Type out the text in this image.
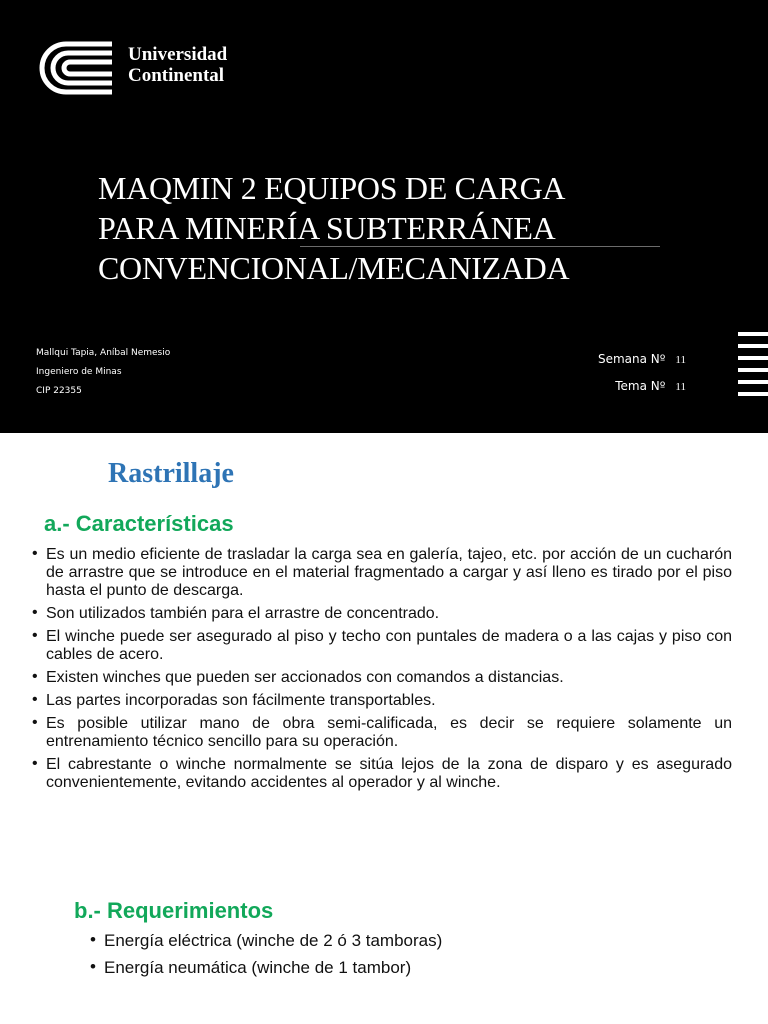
Universidad
Continental
MAQMIN 2 EQUIPOS DE CARGA
PARA MINERÍA SUBTERRÁNEA
CONVENCIONAL/MECANIZADA
Mallqui Tapia, Aníbal Nemesio
Ingeniero de Minas
CIP 22355
Semana Nº 11
Tema Nº 11
Rastrillaje
a.- Características
• Es un medio eficiente de trasladar la carga sea en galería, tajeo, etc. por acción de un cucharón de arrastre que se introduce en el material fragmentado a cargar y así lleno es tirado por el piso hasta el punto de descarga.
• Son utilizados también para el arrastre de concentrado.
• El winche puede ser asegurado al piso y techo con puntales de madera o a las cajas y piso con cables de acero.
• Existen winches que pueden ser accionados con comandos a distancias.
• Las partes incorporadas son fácilmente transportables.
• Es posible utilizar mano de obra semi-calificada, es decir se requiere solamente un entrenamiento técnico sencillo para su operación.
• El cabrestante o winche normalmente se sitúa lejos de la zona de disparo y es asegurado convenientemente, evitando accidentes al operador y al winche.
b.- Requerimientos
• Energía eléctrica (winche de 2 ó 3 tamboras)
• Energía neumática (winche de 1 tambor)
